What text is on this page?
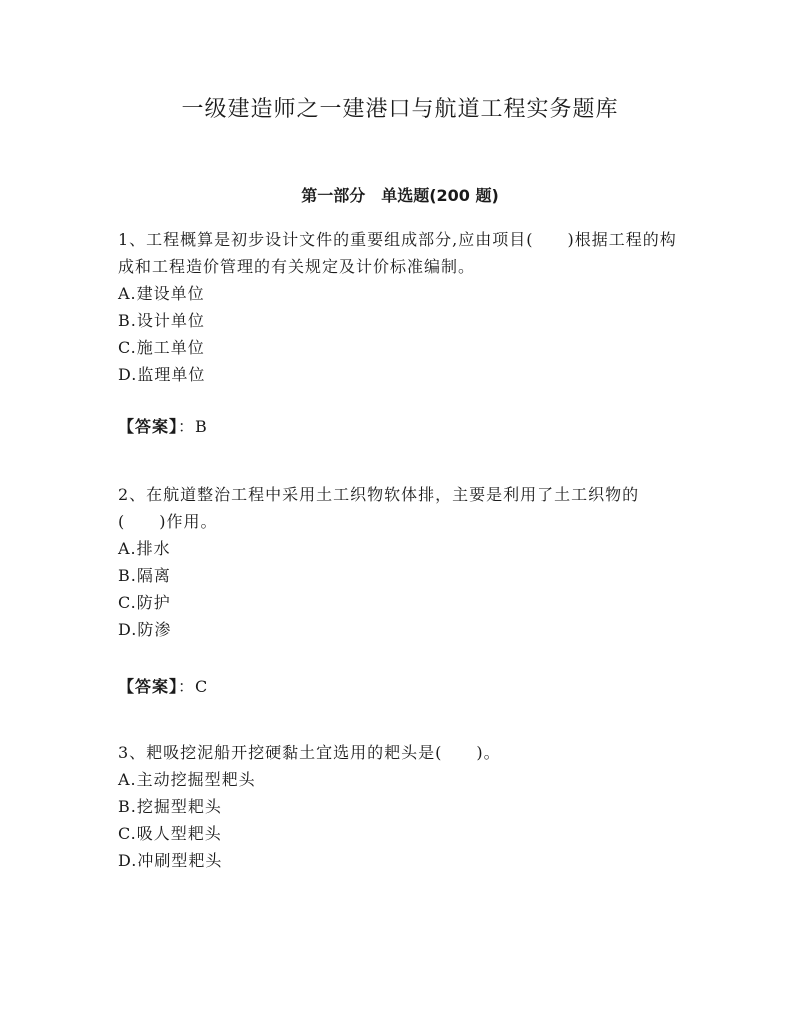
一级建造师之一建港口与航道工程实务题库
第一部分　单选题(200 题)

1、工程概算是初步设计文件的重要组成部分,应由项目(　　)根据工程的构成和工程造价管理的有关规定及计价标准编制。

A.建设单位

B.设计单位

C.施工单位

D.监理单位

【答案】：B

2、在航道整治工程中采用土工织物软体排，主要是利用了土工织物的(　　)作用。

A.排水

B.隔离

C.防护

D.防渗

【答案】：C

3、耙吸挖泥船开挖硬黏土宜选用的耙头是(　　)。

A.主动挖掘型耙头

B.挖掘型耙头

C.吸人型耙头

D.冲刷型耙头
